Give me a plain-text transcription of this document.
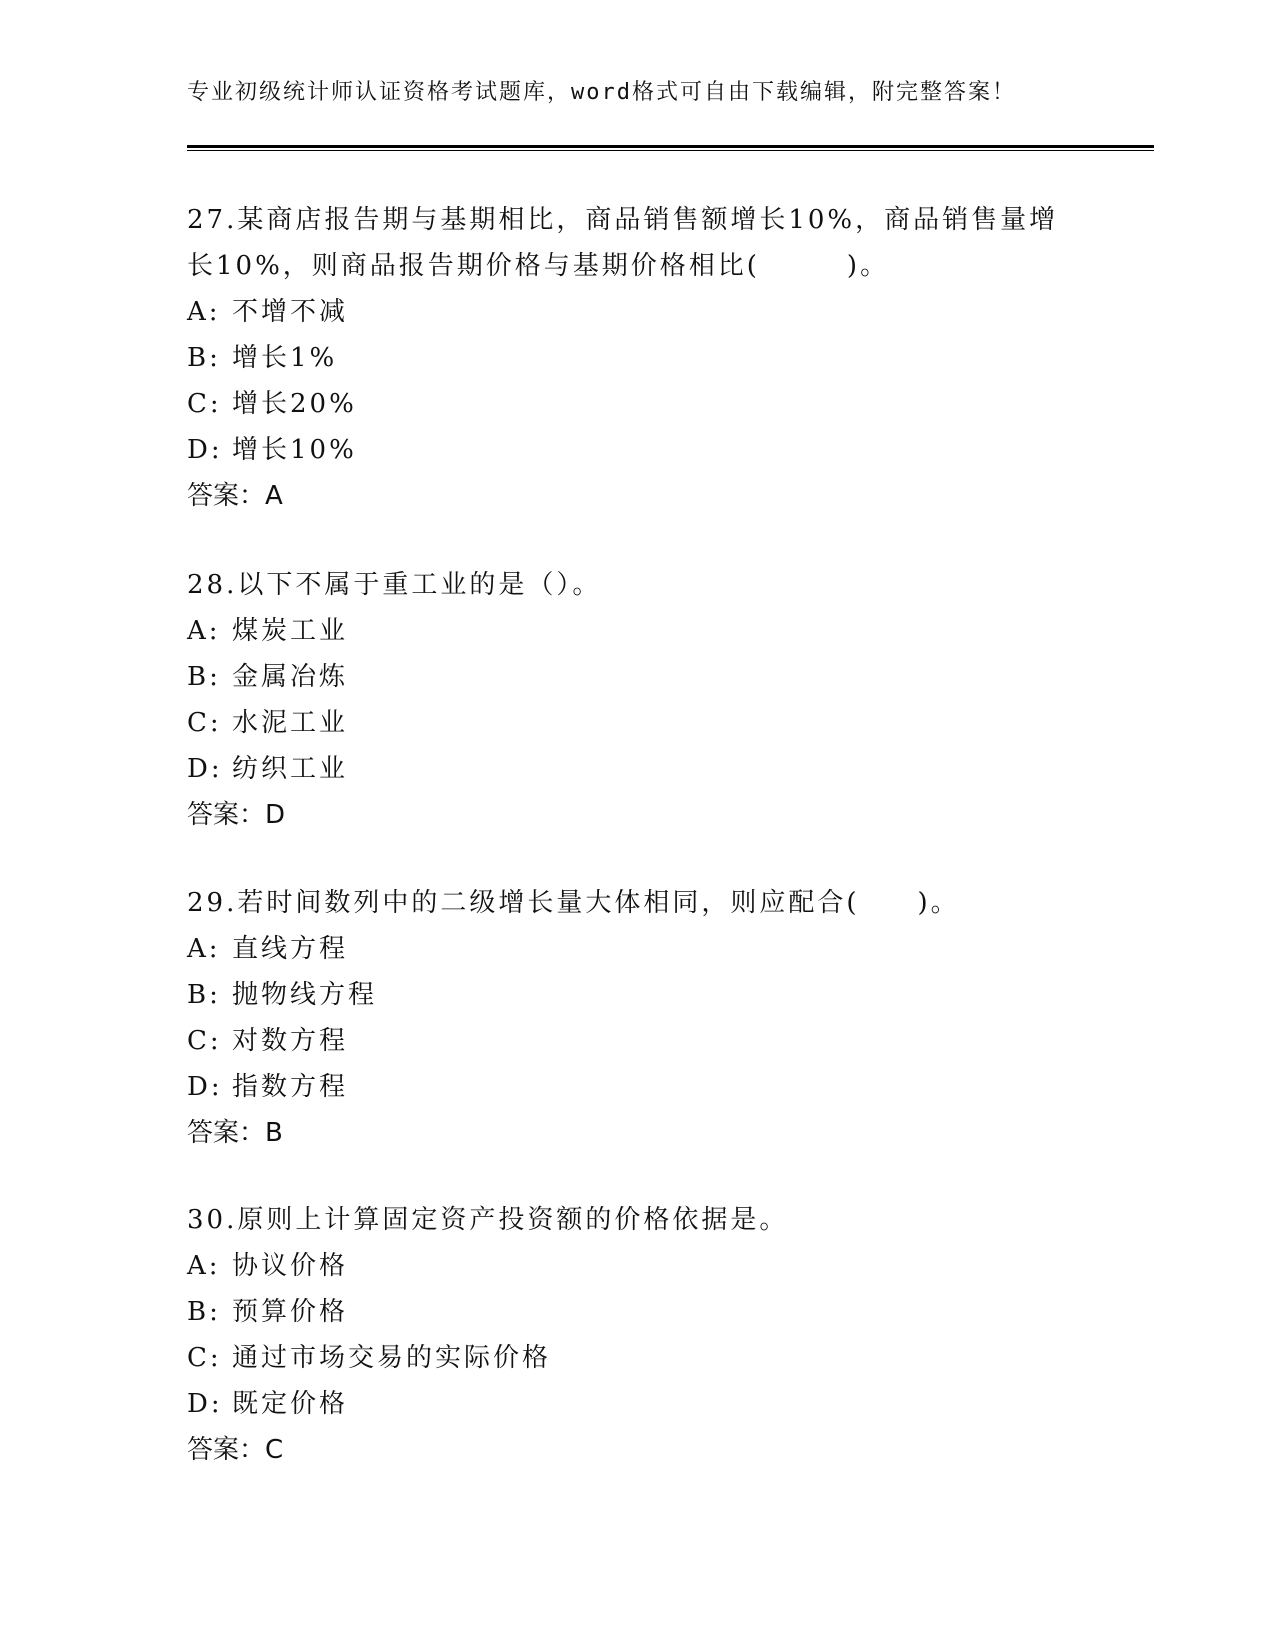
专业初级统计师认证资格考试题库，word格式可自由下载编辑，附完整答案！
27.某商店报告期与基期相比，商品销售额增长10%，商品销售量增长10%，则商品报告期价格与基期价格相比(　　　)。
A: 不增不减
B: 增长1%
C: 增长20%
D: 增长10%
答案：A
28.以下不属于重工业的是（）。
A: 煤炭工业
B: 金属冶炼
C: 水泥工业
D: 纺织工业
答案：D
29.若时间数列中的二级增长量大体相同，则应配合(　　)。
A: 直线方程
B: 抛物线方程
C: 对数方程
D: 指数方程
答案：B
30.原则上计算固定资产投资额的价格依据是。
A: 协议价格
B: 预算价格
C: 通过市场交易的实际价格
D: 既定价格
答案：C
